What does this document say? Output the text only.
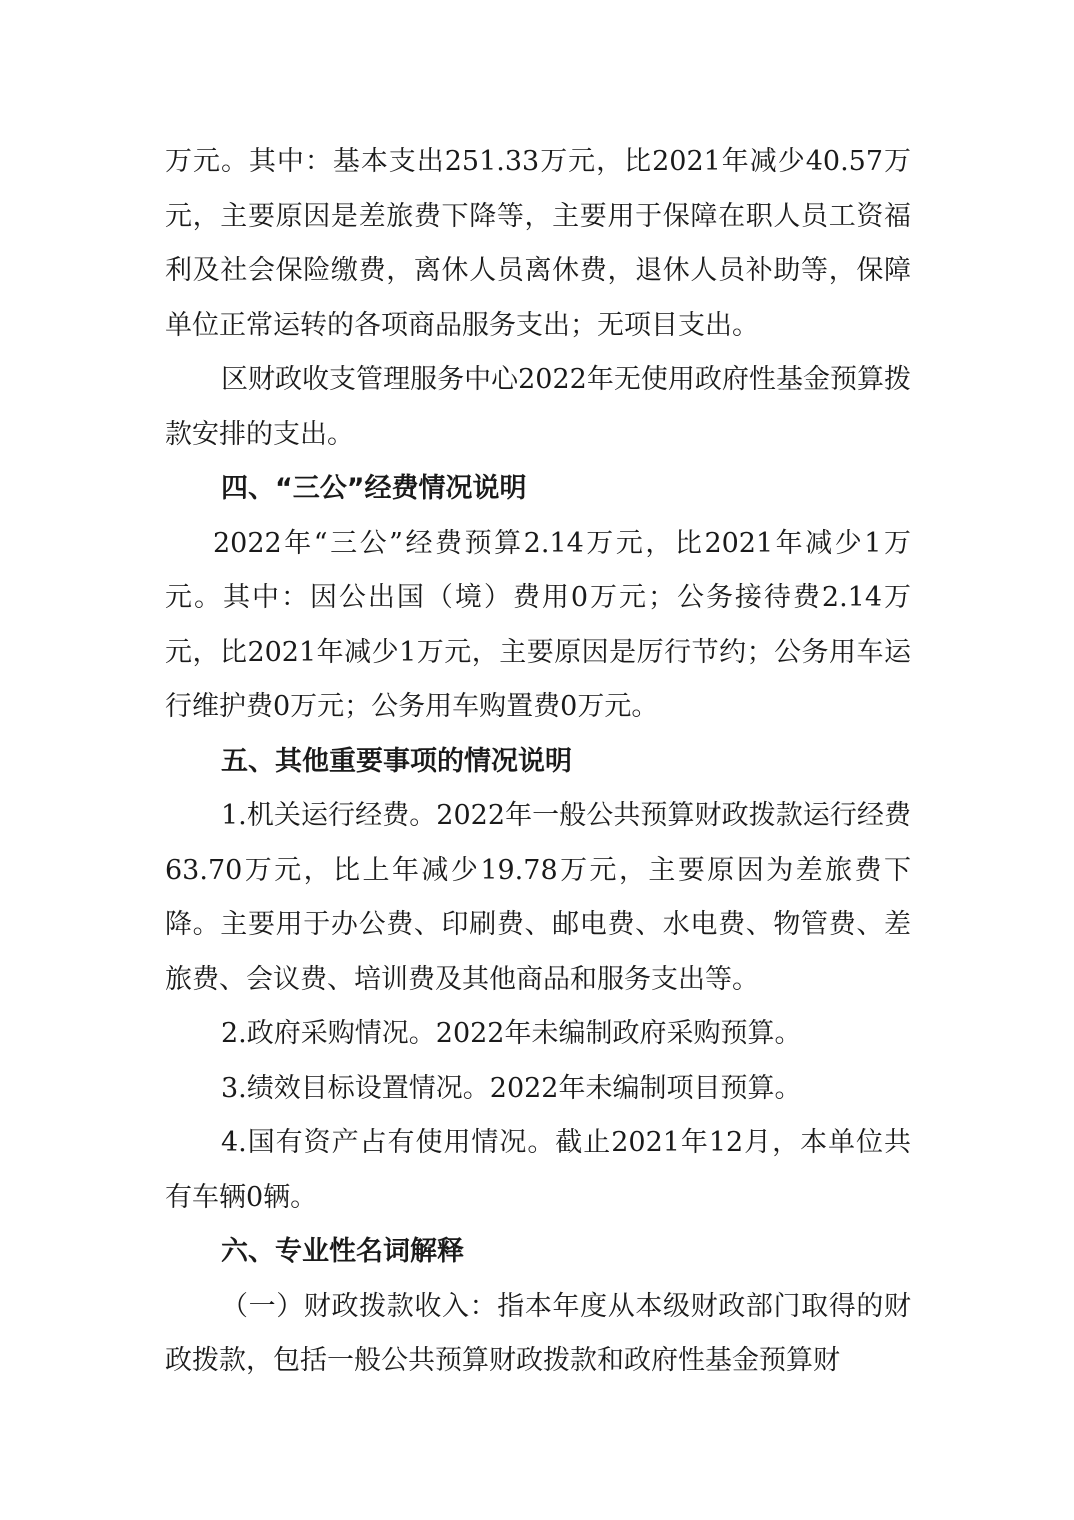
万元。其中：基本支出251.33万元，比2021年减少40.57万元，主要原因是差旅费下降等，主要用于保障在职人员工资福利及社会保险缴费，离休人员离休费，退休人员补助等，保障单位正常运转的各项商品服务支出；无项目支出。

区财政收支管理服务中心2022年无使用政府性基金预算拨款安排的支出。

四、“三公”经费情况说明

2022年“三公”经费预算2.14万元，比2021年减少1万元。其中：因公出国（境）费用0万元；公务接待费2.14万元，比2021年减少1万元，主要原因是厉行节约；公务用车运行维护费0万元；公务用车购置费0万元。

五、其他重要事项的情况说明

1.机关运行经费。2022年一般公共预算财政拨款运行经费63.70万元，比上年减少19.78万元，主要原因为差旅费下降。主要用于办公费、印刷费、邮电费、水电费、物管费、差旅费、会议费、培训费及其他商品和服务支出等。

2.政府采购情况。2022年未编制政府采购预算。

3.绩效目标设置情况。2022年未编制项目预算。

4.国有资产占有使用情况。截止2021年12月，本单位共有车辆0辆。

六、专业性名词解释

（一）财政拨款收入：指本年度从本级财政部门取得的财政拨款，包括一般公共预算财政拨款和政府性基金预算财
